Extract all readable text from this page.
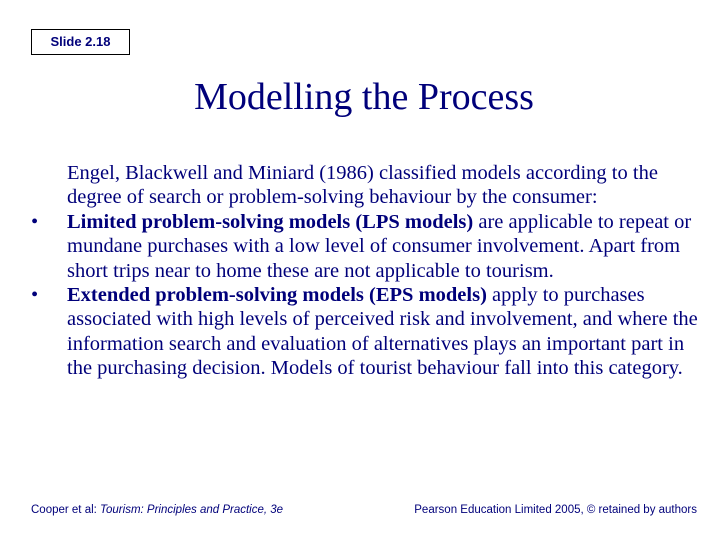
Slide 2.18
Modelling the Process

Engel, Blackwell and Miniard (1986) classified models according to the degree of search or problem-solving behaviour by the consumer:

• Limited problem-solving models (LPS models) are applicable to repeat or mundane purchases with a low level of consumer involvement. Apart from short trips near to home these are not applicable to tourism.

• Extended problem-solving models (EPS models) apply to purchases associated with high levels of perceived risk and involvement, and where the information search and evaluation of alternatives plays an important part in the purchasing decision. Models of tourist behaviour fall into this category.

Cooper et al: Tourism: Principles and Practice, 3e	Pearson Education Limited 2005, © retained by authors
